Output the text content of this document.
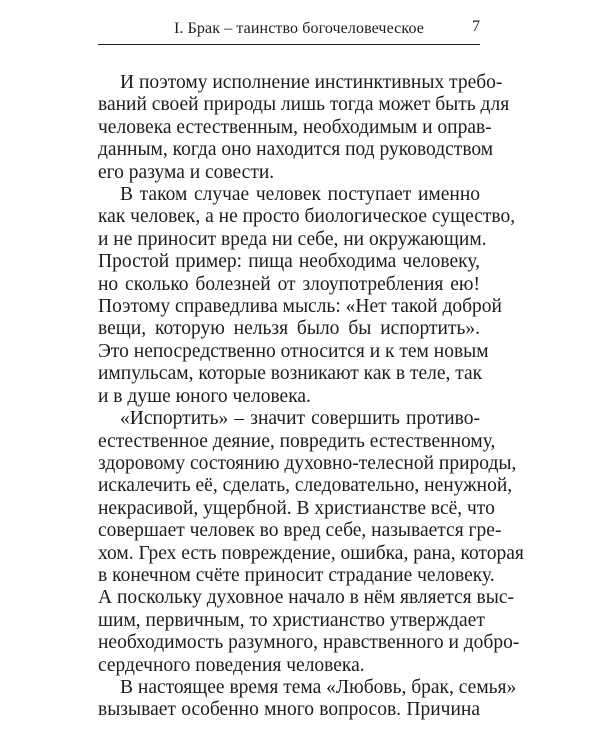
I. Брак – таинство богочеловеческое	7
И поэтому исполнение инстинктивных требо-
ваний своей природы лишь тогда может быть для
человека естественным, необходимым и оправ-
данным, когда оно находится под руководством
его разума и совести.
В таком случае человек поступает именно
как человек, а не просто биологическое существо,
и не приносит вреда ни себе, ни окружающим.
Простой пример: пища необходима человеку,
но сколько болезней от злоупотребления ею!
Поэтому справедлива мысль: «Нет такой доброй
вещи, которую нельзя было бы испортить».
Это непосредственно относится и к тем новым
импульсам, которые возникают как в теле, так
и в душе юного человека.
«Испортить» – значит совершить противо-
естественное деяние, повредить естественному,
здоровому состоянию духовно-телесной природы,
искалечить её, сделать, следовательно, ненужной,
некрасивой, ущербной. В христианстве всё, что
совершает человек во вред себе, называется гре-
хом. Грех есть повреждение, ошибка, рана, которая
в конечном счёте приносит страдание человеку.
А поскольку духовное начало в нём является выс-
шим, первичным, то христианство утверждает
необходимость разумного, нравственного и добро-
сердечного поведения человека.
В настоящее время тема «Любовь, брак, семья»
вызывает особенно много вопросов. Причина
